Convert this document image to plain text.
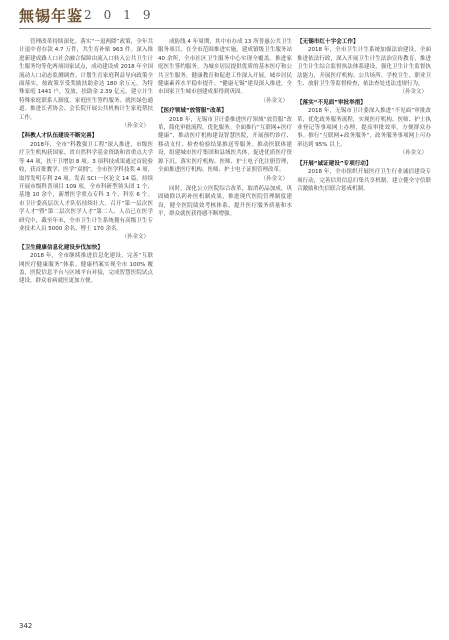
無锡年鉴 2019

管理改革持续深化。落实“一退两降”政策，全年共计退中青存款 4.7 万件，共生育补贴 963 件。深入推进新建成路人口社会融合保障由流入口转入公共卫生计生服务均等化两项国家试点，成功建设成 2018 年全国流动人口动态监测调查。计划生育家庭利益导向政策全面落实，按政策享受奖励扶助金达 180 余万元，为特殊家庭 1441 户，发放、扶助金 2.39 亿元。建立计生特殊家庭联系人制度、家庭医生签约服务、就医绿色通道。推进长者协会、会长院开展公共机构计生家庭帮扶工作。

（孙金文）

【科教人才队伍建设不断完善】

2018年，全市“科教强卫工程”深入推进，市级医疗卫生机构获国家、省自然科学基金资助和省重点大学等 44 项，扶干卫增加 8 项。3 项科技成果通过首轮验收，获首批教学、医学“双拥”，全市医学科技奖 4 项，取得发明专利 24 项。发表 SCI 一区论文 14 篇。持续开展市级科普项目 109 项，全市科研型领头团 1 个、基地 10 余个，新增医学重点专科 3 个、科室 6 个。市卫计委高层次人才队伍持续壮大。召开“第一层次医学人才”暨“第二层次医学人才”第二人、人员已在医学研究中，截至年末，全市卫生计生系统拥有高级卫生专业技术人员 5000 余名、博士 170 余名。

（孙金文）

【卫生健康信息化建设步伐加快】

2018 年，全市继续推进信息化建设，完善“互联网医疗健康服务”体系。健康档案实现全市 100% 覆盖，医院信息平台与区域平台对接，完成智慧医院试点建设，群众看病就医更加方便。

成防线 4 年周期，其中市办成 13 所普惠公共卫生服务项目，在全市范围推进实施，建成镇级卫生服务站 40 余所，全市社区卫生服务中心实现全覆盖。推进家庭医生签约服务，为城乡居民提供优质的基本医疗和公共卫生服务。健康教育和促进工作深入开展，城乡居民健康素养水平稳步提升。“健康无锡”建设深入推进，全市国家卫生城市创建成果得到巩固。

（孙金文）

【医疗领域“放管服”改革】

2018 年，无锡市卫计委推进医疗领域“放管服”改革，简化审批流程，优化服务。全面推行“互联网+医疗健康”，推动医疗机构建设智慧医院，开展预约诊疗、移动支付、检查检验结果推送等服务。推动医联体建设，组建城市医疗集团和县域医共体，促进优质医疗资源下沉。落实医疗机构、医师、护士电子化注册管理，全面推进医疗机构、医师、护士电子证照管理改革。

（孙金文）

同时，深化公立医院综合改革，取消药品加成，巩固破除以药补医机制成果，推进现代医院管理制度建设，健全医院绩效考核体系，提升医疗服务质量和水平，群众就医获得感不断增强。

【无锡市红十字会工作】

2018 年，全市卫生计生系统加强法治建设，全面推进依法行政，深入开展卫生计生法治宣传教育，推进卫生计生综合监督执法体系建设，强化卫生计生监督执法能力，开展医疗机构、公共场所、学校卫生、职业卫生、放射卫生等监督检查，依法查处违法违规行为。

（孙金文）

【落实“不见面”审批举措】

2018 年，无锡市卫计委深入推进“不见面”审批改革，优化政务服务流程，实现医疗机构、医师、护士执业登记等事项网上办理，提高审批效率，方便群众办事。推行“互联网+政务服务”，政务服务事项网上可办率达到 95% 以上。

（孙金文）

【开展“诚证建设”专项行动】

2018 年，全市组织开展医疗卫生行业诚信建设专项行动，完善信用信息归集共享机制，建立健全守信联合激励和失信联合惩戒机制。

342
